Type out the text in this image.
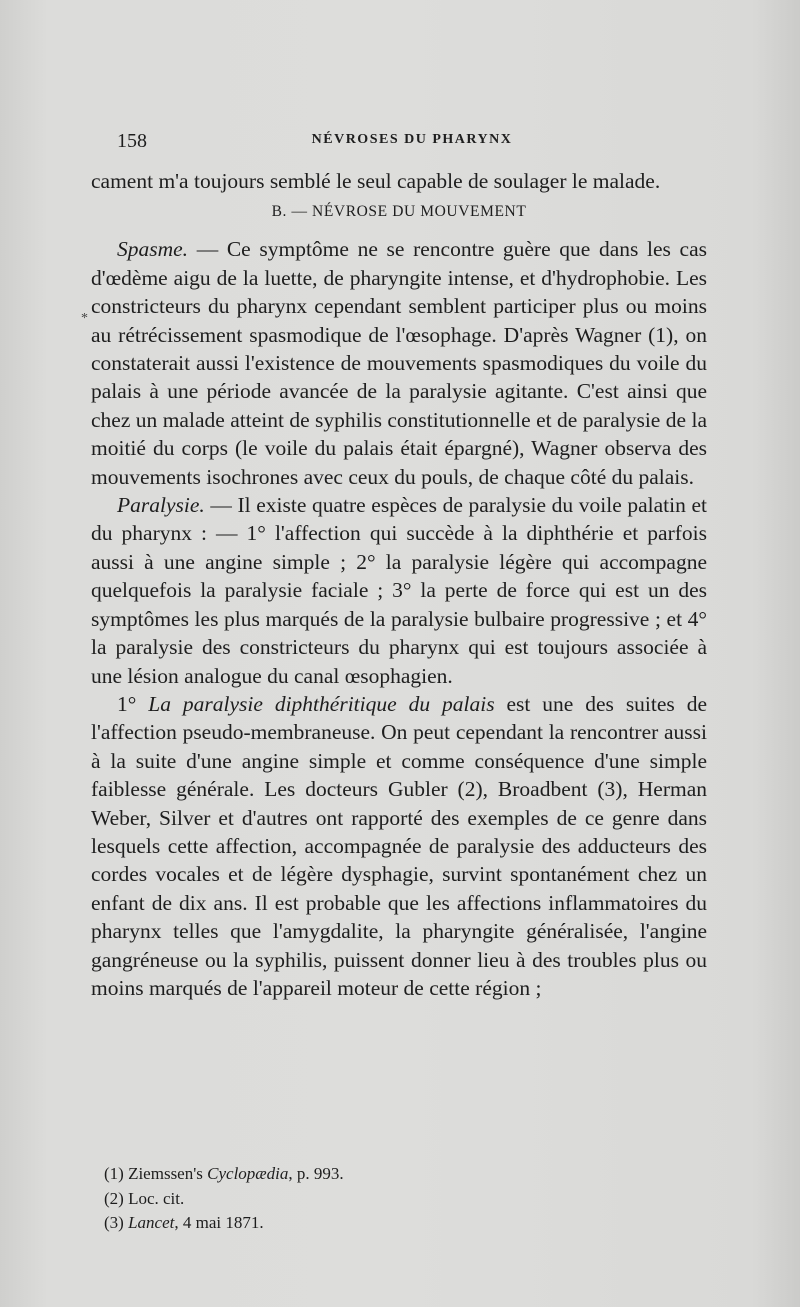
158	NÉVROSES DU PHARYNX
*

cament m'a toujours semblé le seul capable de soulager le malade.

B. — NÉVROSE DU MOUVEMENT

Spasme. — Ce symptôme ne se rencontre guère que dans les cas d'œdème aigu de la luette, de pharyngite intense, et d'hydrophobie. Les constricteurs du pharynx cependant semblent participer plus ou moins au rétrécissement spasmodique de l'œsophage. D'après Wagner (1), on constaterait aussi l'existence de mouvements spasmodiques du voile du palais à une période avancée de la paralysie agitante. C'est ainsi que chez un malade atteint de syphilis constitutionnelle et de paralysie de la moitié du corps (le voile du palais était épargné), Wagner observa des mouvements isochrones avec ceux du pouls, de chaque côté du palais.

Paralysie. — Il existe quatre espèces de paralysie du voile palatin et du pharynx : — 1° l'affection qui succède à la diphthérie et parfois aussi à une angine simple ; 2° la paralysie légère qui accompagne quelquefois la paralysie faciale ; 3° la perte de force qui est un des symptômes les plus marqués de la paralysie bulbaire progressive ; et 4° la paralysie des constricteurs du pharynx qui est toujours associée à une lésion analogue du canal œsophagien.

1° La paralysie diphthéritique du palais est une des suites de l'affection pseudo-membraneuse. On peut cependant la rencontrer aussi à la suite d'une angine simple et comme conséquence d'une simple faiblesse générale. Les docteurs Gubler (2), Broadbent (3), Herman Weber, Silver et d'autres ont rapporté des exemples de ce genre dans lesquels cette affection, accompagnée de paralysie des adducteurs des cordes vocales et de légère dysphagie, survint spontanément chez un enfant de dix ans. Il est probable que les affections inflammatoires du pharynx telles que l'amygdalite, la pharyngite généralisée, l'angine gangréneuse ou la syphilis, puissent donner lieu à des troubles plus ou moins marqués de l'appareil moteur de cette région ;

(1) Ziemssen's Cyclopædia, p. 993.
(2) Loc. cit.
(3) Lancet, 4 mai 1871.
